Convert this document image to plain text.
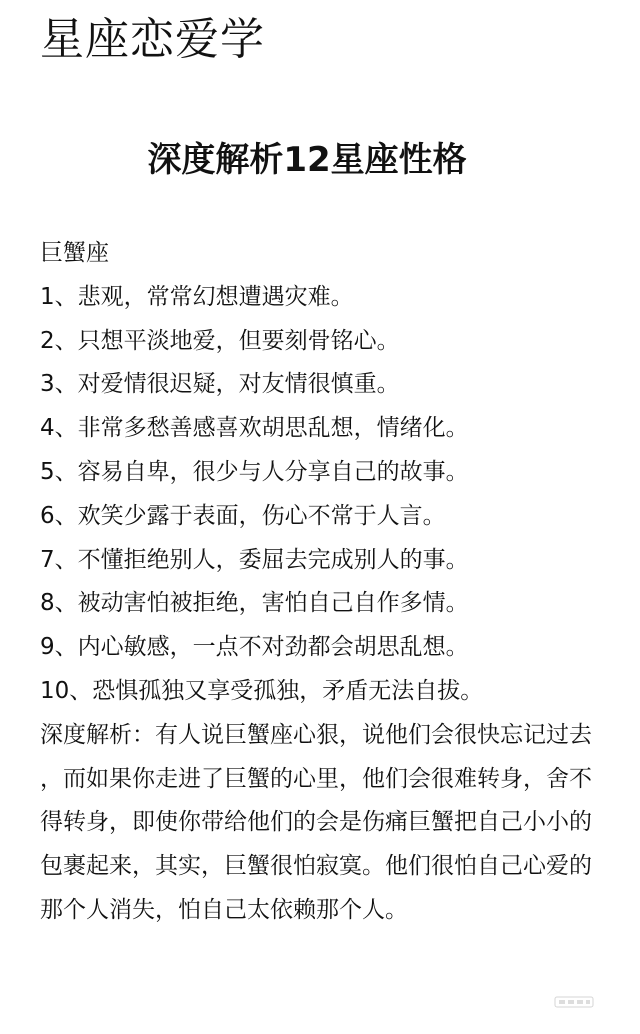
星座恋爱学
深度解析12星座性格
巨蟹座
1、悲观，常常幻想遭遇灾难。
2、只想平淡地爱，但要刻骨铭心。
3、对爱情很迟疑，对友情很慎重。
4、非常多愁善感喜欢胡思乱想，情绪化。
5、容易自卑，很少与人分享自己的故事。
6、欢笑少露于表面，伤心不常于人言。
7、不懂拒绝别人，委屈去完成别人的事。
8、被动害怕被拒绝，害怕自己自作多情。
9、内心敏感，一点不对劲都会胡思乱想。
10、恐惧孤独又享受孤独，矛盾无法自拔。
深度解析：有人说巨蟹座心狠，说他们会很快忘记过去，而如果你走进了巨蟹的心里，他们会很难转身，舍不得转身，即使你带给他们的会是伤痛巨蟹把自己小小的包裹起来，其实，巨蟹很怕寂寞。他们很怕自己心爱的那个人消失，怕自己太依赖那个人。
